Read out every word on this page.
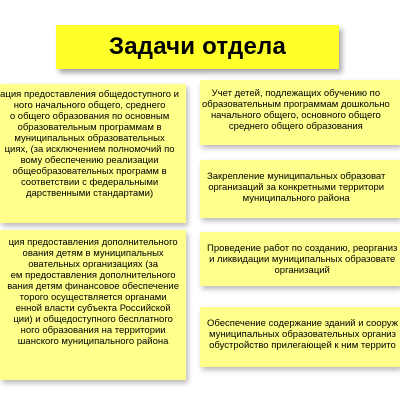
Задачи отдела
ация предоставления общедоступного и
ного начального общего, среднего
о общего образования по основным
образовательным программам в
муниципальных образовательных
циях, (за исключением полномочий по
вому обеспечению реализации
общеобразовательных программ в
соответствии с федеральными
дарственными стандартами)
ция предоставления дополнительного
ования детям в муниципальных
овательных организациях (за
ем предоставления дополнительного
вания детям финансовое обеспечение
торого осуществляется органами
енной власти субъекта Российской
ции) и общедоступного бесплатного
ного образования на территории
шанского муниципального района
Учет детей, подлежащих обучению по
образовательным программам дошкольно
начального общего, основного общего
среднего общего образования
Закрепление муниципальных образоват
организаций за конкретными территори
муниципального района
Проведение работ по созданию, реорганиз
и ликвидации муниципальных образовате
организаций
Обеспечение содержание зданий и сооруж
муниципальных образовательных организ
обустройство прилегающей к ним террито
